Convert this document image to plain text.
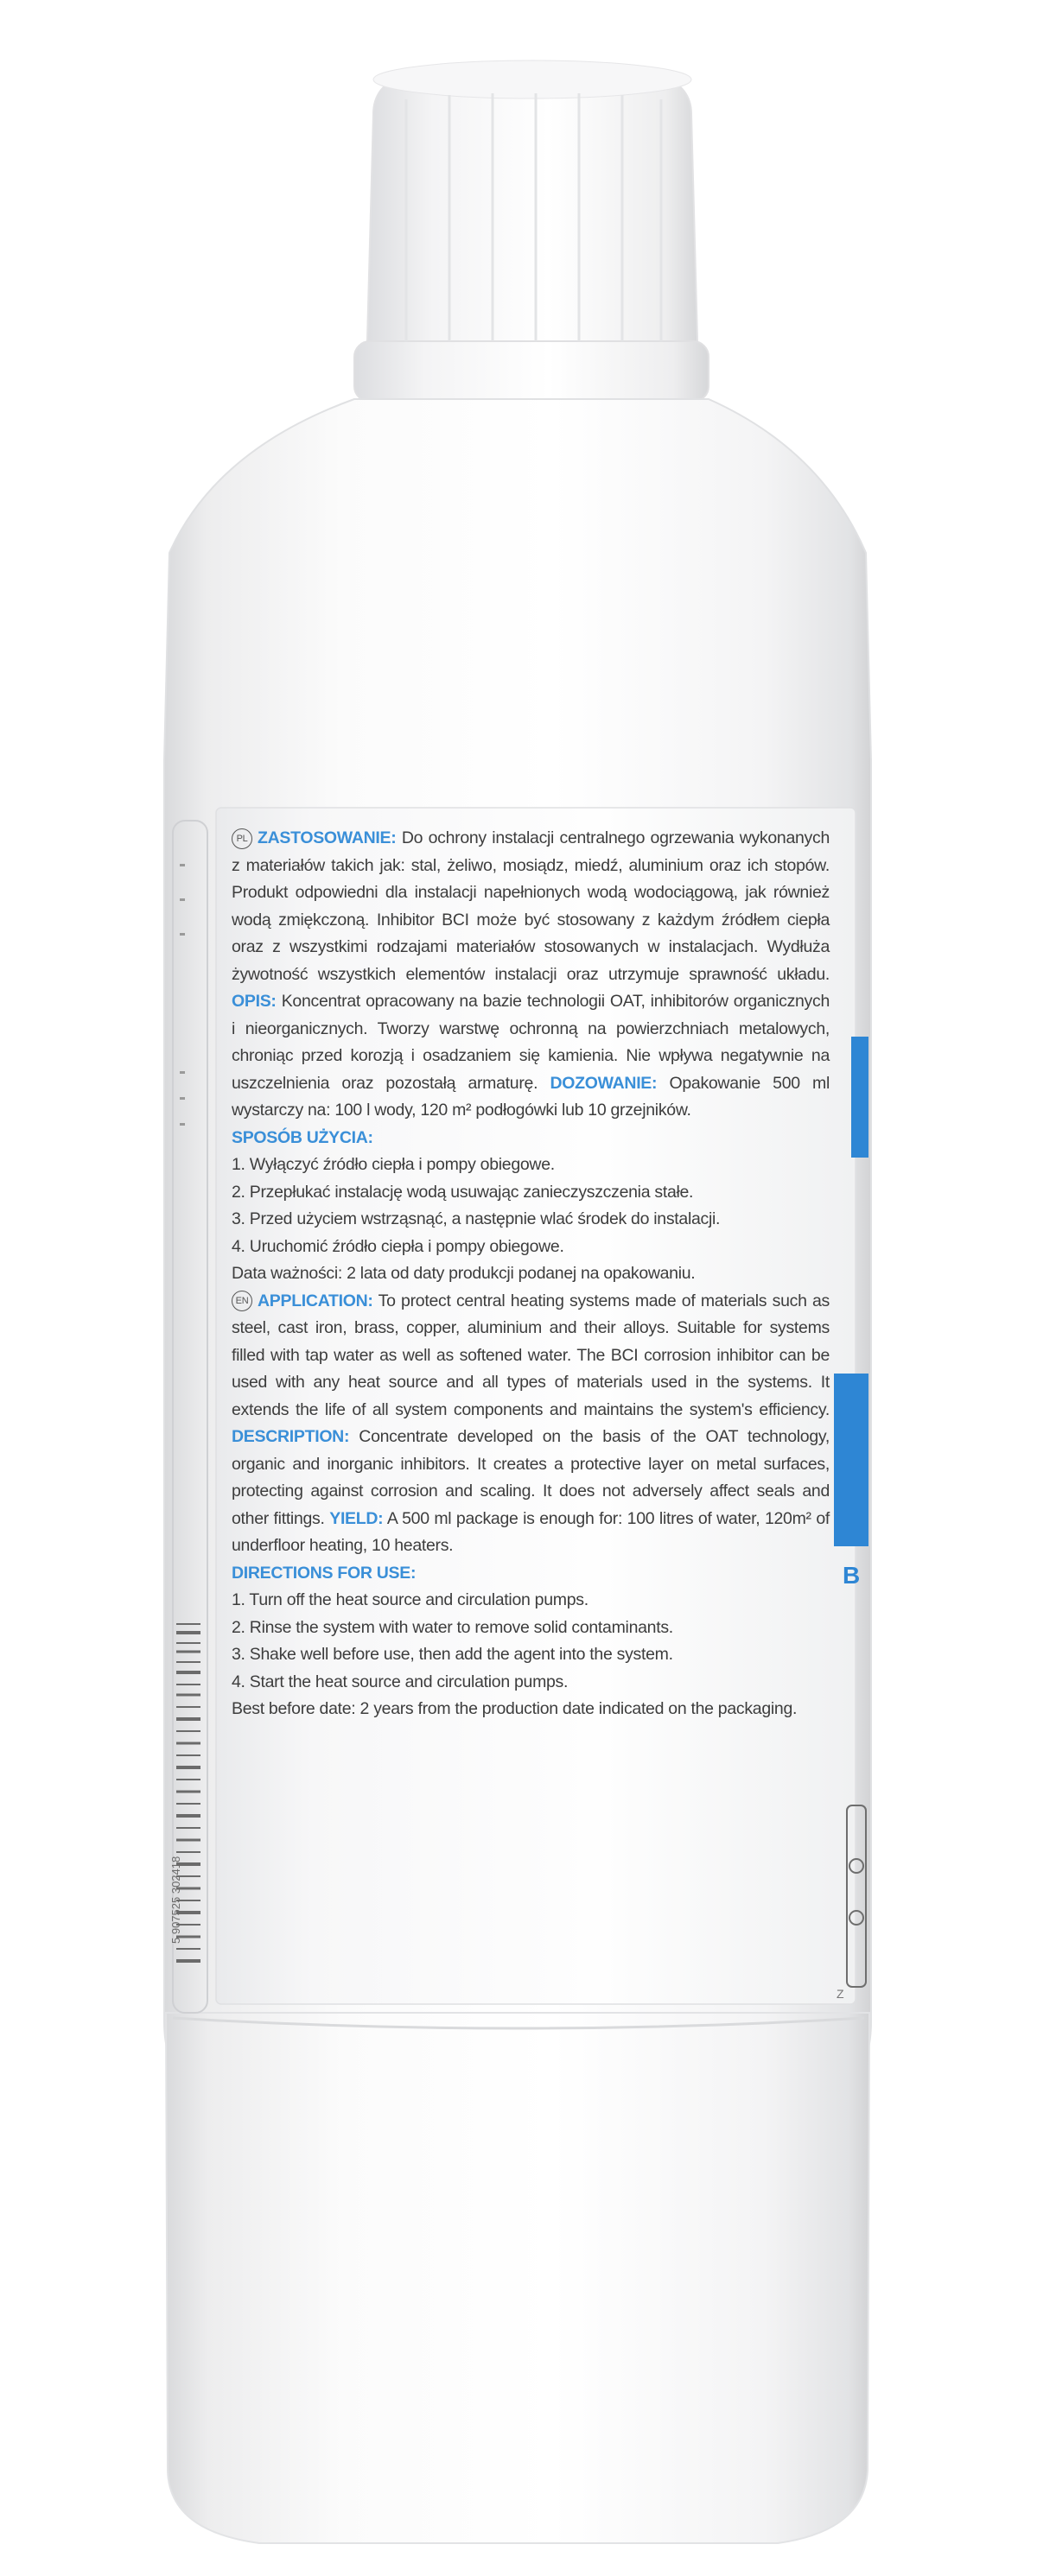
B
Z

PL ZASTOSOWANIE: Do ochrony instalacji centralnego ogrzewania wykonanych z materiałów takich jak: stal, żeliwo, mosiądz, miedź, aluminium oraz ich stopów. Produkt odpowiedni dla instalacji napełnionych wodą wodociągową, jak również wodą zmiękczoną. Inhibitor BCI może być stosowany z każdym źródłem ciepła oraz z wszystkimi rodzajami materiałów stosowanych w instalacjach. Wydłuża żywotność wszystkich elementów instalacji oraz utrzymuje sprawność układu. OPIS: Koncentrat opracowany na bazie technologii OAT, inhibitorów organicznych i nieorganicznych. Tworzy warstwę ochronną na powierzchniach metalowych, chroniąc przed korozją i osadzaniem się kamienia. Nie wpływa negatywnie na uszczelnienia oraz pozostałą armaturę. DOZOWANIE: Opakowanie 500 ml wystarczy na: 100 l wody, 120 m² podłogówki lub 10 grzejników.

SPOSÓB UŻYCIA:
1. Wyłączyć źródło ciepła i pompy obiegowe.
2. Przepłukać instalację wodą usuwając zanieczyszczenia stałe.
3. Przed użyciem wstrząsnąć, a następnie wlać środek do instalacji.
4. Uruchomić źródło ciepła i pompy obiegowe.

Data ważności: 2 lata od daty produkcji podanej na opakowaniu.

EN APPLICATION: To protect central heating systems made of materials such as steel, cast iron, brass, copper, aluminium and their alloys. Suitable for systems filled with tap water as well as softened water. The BCI corrosion inhibitor can be used with any heat source and all types of materials used in the systems. It extends the life of all system components and maintains the system's efficiency. DESCRIPTION: Concentrate developed on the basis of the OAT technology, organic and inorganic inhibitors. It creates a protective layer on metal surfaces, protecting against corrosion and scaling. It does not adversely affect seals and other fittings. YIELD: A 500 ml package is enough for: 100 litres of water, 120m² of underfloor heating, 10 heaters.

DIRECTIONS FOR USE:
1. Turn off the heat source and circulation pumps.
2. Rinse the system with water to remove solid contaminants.
3. Shake well before use, then add the agent into the system.
4. Start the heat source and circulation pumps.

Best before date: 2 years from the production date indicated on the packaging.
